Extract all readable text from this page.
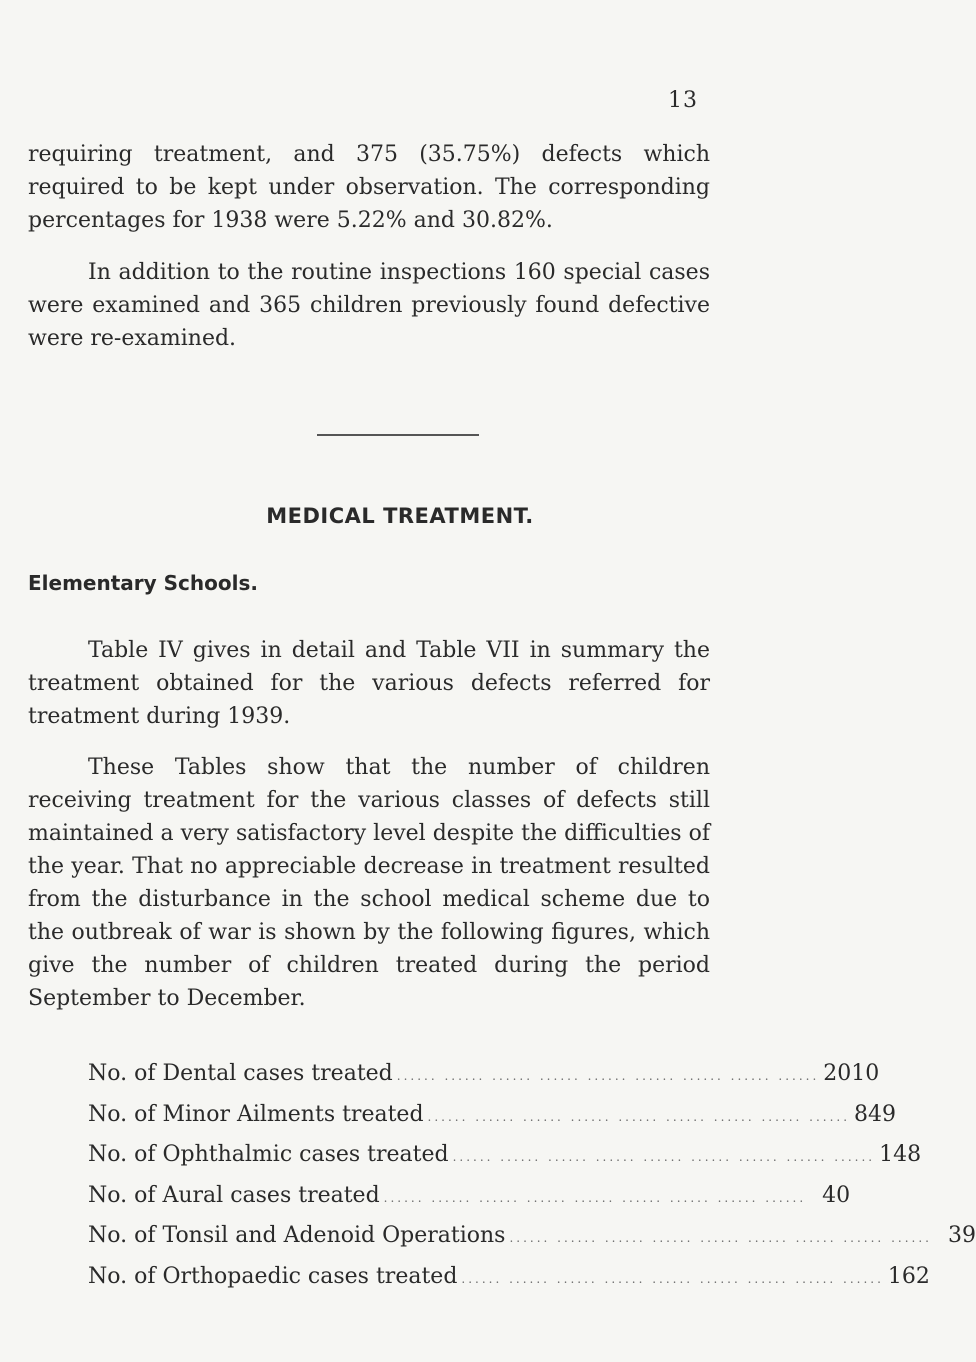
13

requiring treatment, and 375 (35.75%) defects which required to be kept under observation. The corresponding percentages for 1938 were 5.22% and 30.82%.

In addition to the routine inspections 160 special cases were examined and 365 children previously found defective were re-examined.

MEDICAL TREATMENT.
Elementary Schools.

Table IV gives in detail and Table VII in summary the treatment obtained for the various defects referred for treatment during 1939.

These Tables show that the number of children receiving treatment for the various classes of defects still maintained a very satisfactory level despite the difficulties of the year. That no appreciable decrease in treatment resulted from the disturbance in the school medical scheme due to the outbreak of war is shown by the following figures, which give the number of children treated during the period September to December.

No. of Dental cases treated ...... ...... ...... ...... ...... ...... ...... ...... ...... 2010
No. of Minor Ailments treated ...... ...... ...... ...... ...... ...... ...... ...... ...... 849
No. of Ophthalmic cases treated ...... ...... ...... ...... ...... ...... ...... ...... ...... 148
No. of Aural cases treated ...... ...... ...... ...... ...... ...... ...... ...... ...... 40
No. of Tonsil and Adenoid Operations ...... ...... ...... ...... ...... ...... ...... ...... ...... 39
No. of Orthopaedic cases treated ...... ...... ...... ...... ...... ...... ...... ...... ...... 162
